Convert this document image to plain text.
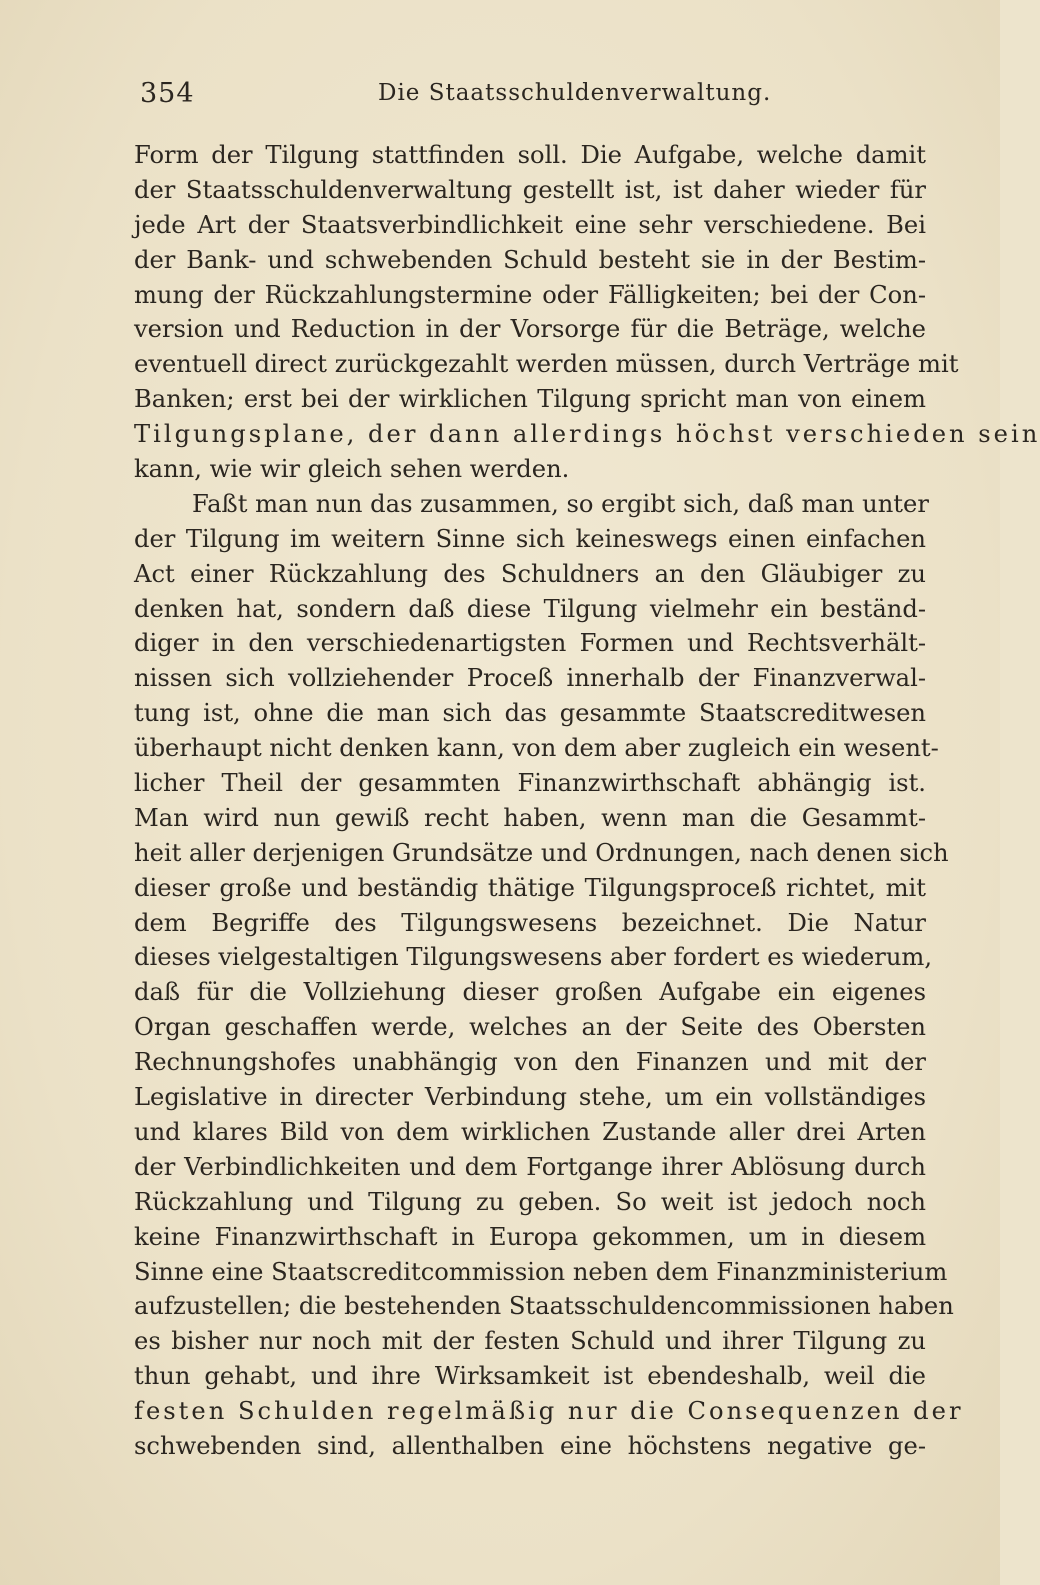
354	Die Staatsschuldenverwaltung.
Form der Tilgung stattfinden soll. Die Aufgabe, welche damit
der Staatsschuldenverwaltung gestellt ist, ist daher wieder für
jede Art der Staatsverbindlichkeit eine sehr verschiedene. Bei
der Bank- und schwebenden Schuld besteht sie in der Bestim-
mung der Rückzahlungstermine oder Fälligkeiten; bei der Con-
version und Reduction in der Vorsorge für die Beträge, welche
eventuell direct zurückgezahlt werden müssen, durch Verträge mit
Banken; erst bei der wirklichen Tilgung spricht man von einem
Tilgungsplane, der dann allerdings höchst verschieden sein
kann, wie wir gleich sehen werden.
Faßt man nun das zusammen, so ergibt sich, daß man unter
der Tilgung im weitern Sinne sich keineswegs einen einfachen
Act einer Rückzahlung des Schuldners an den Gläubiger zu
denken hat, sondern daß diese Tilgung vielmehr ein beständ-
diger in den verschiedenartigsten Formen und Rechtsverhält-
nissen sich vollziehender Proceß innerhalb der Finanzverwal-
tung ist, ohne die man sich das gesammte Staatscreditwesen
überhaupt nicht denken kann, von dem aber zugleich ein wesent-
licher Theil der gesammten Finanzwirthschaft abhängig ist.
Man wird nun gewiß recht haben, wenn man die Gesammt-
heit aller derjenigen Grundsätze und Ordnungen, nach denen sich
dieser große und beständig thätige Tilgungsproceß richtet, mit
dem Begriffe des Tilgungswesens bezeichnet. Die Natur
dieses vielgestaltigen Tilgungswesens aber fordert es wiederum,
daß für die Vollziehung dieser großen Aufgabe ein eigenes
Organ geschaffen werde, welches an der Seite des Obersten
Rechnungshofes unabhängig von den Finanzen und mit der
Legislative in directer Verbindung stehe, um ein vollständiges
und klares Bild von dem wirklichen Zustande aller drei Arten
der Verbindlichkeiten und dem Fortgange ihrer Ablösung durch
Rückzahlung und Tilgung zu geben. So weit ist jedoch noch
keine Finanzwirthschaft in Europa gekommen, um in diesem
Sinne eine Staatscreditcommission neben dem Finanzministerium
aufzustellen; die bestehenden Staatsschuldencommissionen haben
es bisher nur noch mit der festen Schuld und ihrer Tilgung zu
thun gehabt, und ihre Wirksamkeit ist ebendeshalb, weil die
festen Schulden regelmäßig nur die Consequenzen der
schwebenden sind, allenthalben eine höchstens negative ge-
